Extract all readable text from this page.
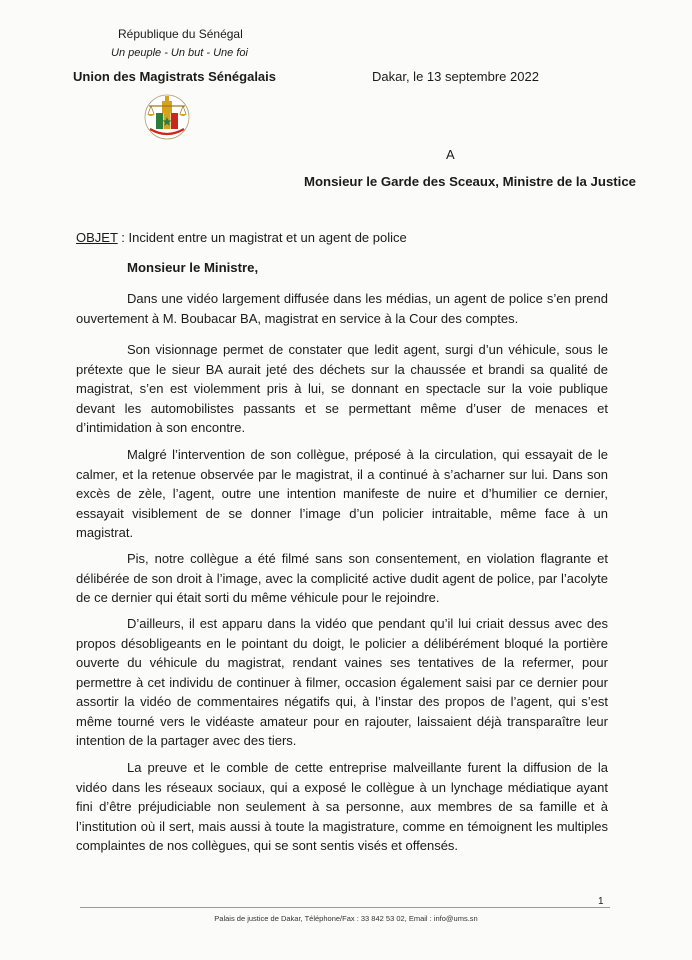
République du Sénégal
Un peuple - Un but - Une foi
Union des Magistrats Sénégalais	Dakar, le 13 septembre 2022
A
Monsieur le Garde des Sceaux, Ministre de la Justice
OBJET : Incident entre un magistrat et un agent de police
Monsieur le Ministre,

Dans une vidéo largement diffusée dans les médias, un agent de police s’en prend ouvertement à M. Boubacar BA, magistrat en service à la Cour des comptes.

Son visionnage permet de constater que ledit agent, surgi d’un véhicule, sous le prétexte que le sieur BA aurait jeté des déchets sur la chaussée et brandi sa qualité de magistrat, s’en est violemment pris à lui, se donnant en spectacle sur la voie publique devant les automobilistes passants et se permettant même d’user de menaces et d’intimidation à son encontre.

Malgré l’intervention de son collègue, préposé à la circulation, qui essayait de le calmer, et la retenue observée par le magistrat, il a continué à s’acharner sur lui. Dans son excès de zèle, l’agent, outre une intention manifeste de nuire et d’humilier ce dernier, essayait visiblement de se donner l’image d’un policier intraitable, même face à un magistrat.

Pis, notre collègue a été filmé sans son consentement, en violation flagrante et délibérée de son droit à l’image, avec la complicité active dudit agent de police, par l’acolyte de ce dernier qui était sorti du même véhicule pour le rejoindre.

D’ailleurs, il est apparu dans la vidéo que pendant qu’il lui criait dessus avec des propos désobligeants en le pointant du doigt, le policier a délibérément bloqué la portière ouverte du véhicule du magistrat, rendant vaines ses tentatives de la refermer, pour permettre à cet individu de continuer à filmer, occasion également saisi par ce dernier pour assortir la vidéo de commentaires négatifs qui, à l’instar des propos de l’agent, qui s’est même tourné vers le vidéaste amateur pour en rajouter, laissaient déjà transparaître leur intention de la partager avec des tiers.

La preuve et le comble de cette entreprise malveillante furent la diffusion de la vidéo dans les réseaux sociaux, qui a exposé le collègue à un lynchage médiatique ayant fini d’être préjudiciable non seulement à sa personne, aux membres de sa famille et à l’institution où il sert, mais aussi à toute la magistrature, comme en témoignent les multiples complaintes de nos collègues, qui se sont sentis visés et offensés.

1
Palais de justice de Dakar, Téléphone/Fax : 33 842 53 02, Email : info@ums.sn
